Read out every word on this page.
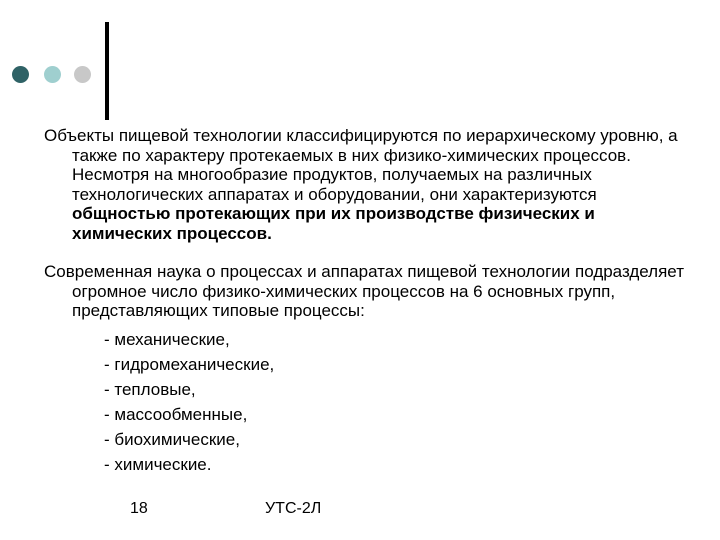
Объекты пищевой технологии классифицируются по иерархическому уровню, а также по характеру протекаемых в них физико-химических процессов. Несмотря на многообразие продуктов, получаемых на различных технологических аппаратах и оборудовании, они характеризуются общностью протекающих при их производстве физических и химических процессов.

Современная наука о процессах и аппаратах пищевой технологии подразделяет огромное число физико-химических процессов на 6 основных групп, представляющих типовые процессы:

- механические,
- гидромеханические,
- тепловые,
- массообменные,
- биохимические,
- химические.
18	УТС-2Л
